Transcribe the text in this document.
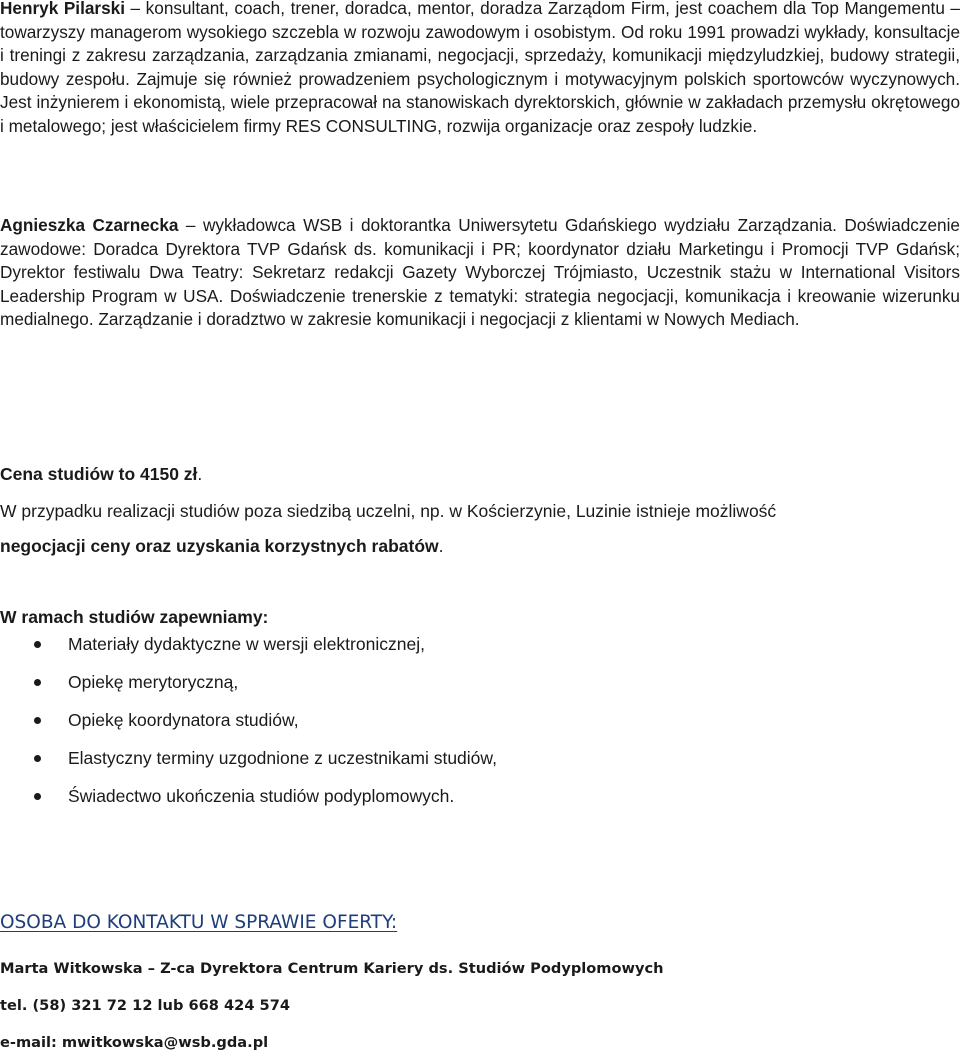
Henryk Pilarski – konsultant, coach, trener, doradca, mentor, doradza Zarządom Firm, jest coachem dla Top Mangementu – towarzyszy managerom wysokiego szczebla w rozwoju zawodowym i osobistym. Od roku 1991 prowadzi wykłady, konsultacje i treningi z zakresu zarządzania, zarządzania zmianami, negocjacji, sprzedaży, komunikacji międzyludzkiej, budowy strategii, budowy zespołu. Zajmuje się również prowadzeniem psychologicznym i motywacyjnym polskich sportowców wyczynowych. Jest inżynierem i ekonomistą, wiele przepracował na stanowiskach dyrektorskich, głównie w zakładach przemysłu okrętowego i metalowego; jest właścicielem firmy RES CONSULTING, rozwija organizacje oraz zespoły ludzkie.

Agnieszka Czarnecka – wykładowca WSB i doktorantka Uniwersytetu Gdańskiego wydziału Zarządzania. Doświadczenie zawodowe: Doradca Dyrektora TVP Gdańsk ds. komunikacji i PR; koordynator działu Marketingu i Promocji TVP Gdańsk; Dyrektor festiwalu Dwa Teatry: Sekretarz redakcji Gazety Wyborczej Trójmiasto, Uczestnik stażu w International Visitors Leadership Program w USA. Doświadczenie trenerskie z tematyki: strategia negocjacji, komunikacja i kreowanie wizerunku medialnego. Zarządzanie i doradztwo w zakresie komunikacji i negocjacji z klientami w Nowych Mediach.

Cena studiów to 4150 zł.
W przypadku realizacji studiów poza siedzibą uczelni, np. w Kościerzynie, Luzinie istnieje możliwość
negocjacji ceny oraz uzyskania korzystnych rabatów.
W ramach studiów zapewniamy:
Materiały dydaktyczne w wersji elektronicznej,
Opiekę merytoryczną,
Opiekę koordynatora studiów,
Elastyczny terminy uzgodnione z uczestnikami studiów,
Świadectwo ukończenia studiów podyplomowych.
OSOBA DO KONTAKTU W SPRAWIE OFERTY:
Marta Witkowska – Z-ca Dyrektora Centrum Kariery ds. Studiów Podyplomowych
tel. (58) 321 72 12 lub 668 424 574
e-mail: mwitkowska@wsb.gda.pl
